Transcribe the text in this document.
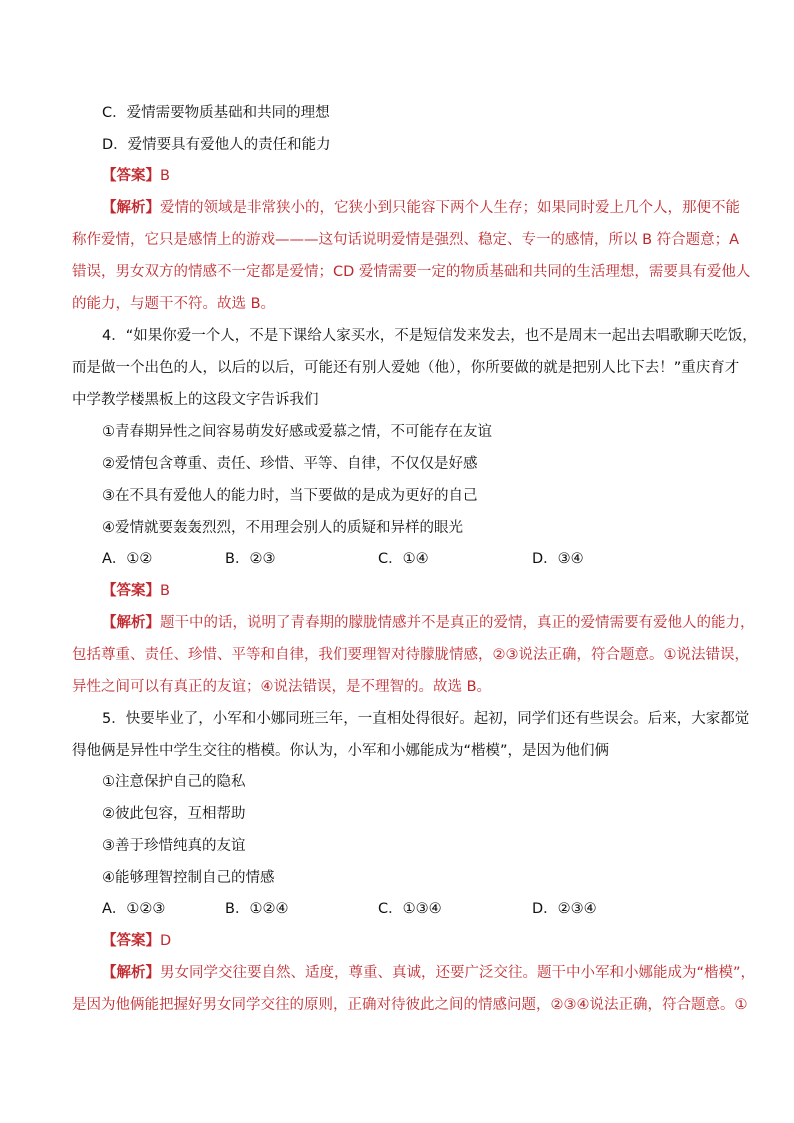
C．爱情需要物质基础和共同的理想
D．爱情要具有爱他人的责任和能力
【答案】B
【解析】爱情的领域是非常狭小的，它狭小到只能容下两个人生存；如果同时爱上几个人，那便不能
称作爱情，它只是感情上的游戏———这句话说明爱情是强烈、稳定、专一的感情，所以 B 符合题意；A
错误，男女双方的情感不一定都是爱情；CD 爱情需要一定的物质基础和共同的生活理想，需要具有爱他人
的能力，与题干不符。故选 B。
4．“如果你爱一个人，不是下课给人家买水，不是短信发来发去，也不是周末一起出去唱歌聊天吃饭，
而是做一个出色的人，以后的以后，可能还有别人爱她（他），你所要做的就是把别人比下去！”重庆育才
中学教学楼黑板上的这段文字告诉我们
①青春期异性之间容易萌发好感或爱慕之情，不可能存在友谊
②爱情包含尊重、责任、珍惜、平等、自律，不仅仅是好感
③在不具有爱他人的能力时，当下要做的是成为更好的自己
④爱情就要轰轰烈烈，不用理会别人的质疑和异样的眼光
A．①②	B．②③	C．①④	D．③④
【答案】B
【解析】题干中的话，说明了青春期的朦胧情感并不是真正的爱情，真正的爱情需要有爱他人的能力，
包括尊重、责任、珍惜、平等和自律，我们要理智对待朦胧情感，②③说法正确，符合题意。①说法错误，
异性之间可以有真正的友谊；④说法错误，是不理智的。故选 B。
5．快要毕业了，小军和小娜同班三年，一直相处得很好。起初，同学们还有些误会。后来，大家都觉
得他俩是异性中学生交往的楷模。你认为，小军和小娜能成为“楷模”，是因为他们俩
①注意保护自己的隐私
②彼此包容，互相帮助
③善于珍惜纯真的友谊
④能够理智控制自己的情感
A．①②③	B．①②④	C．①③④	D．②③④
【答案】D
【解析】男女同学交往要自然、适度，尊重、真诚，还要广泛交往。题干中小军和小娜能成为“楷模”，
是因为他俩能把握好男女同学交往的原则，正确对待彼此之间的情感问题，②③④说法正确，符合题意。①
